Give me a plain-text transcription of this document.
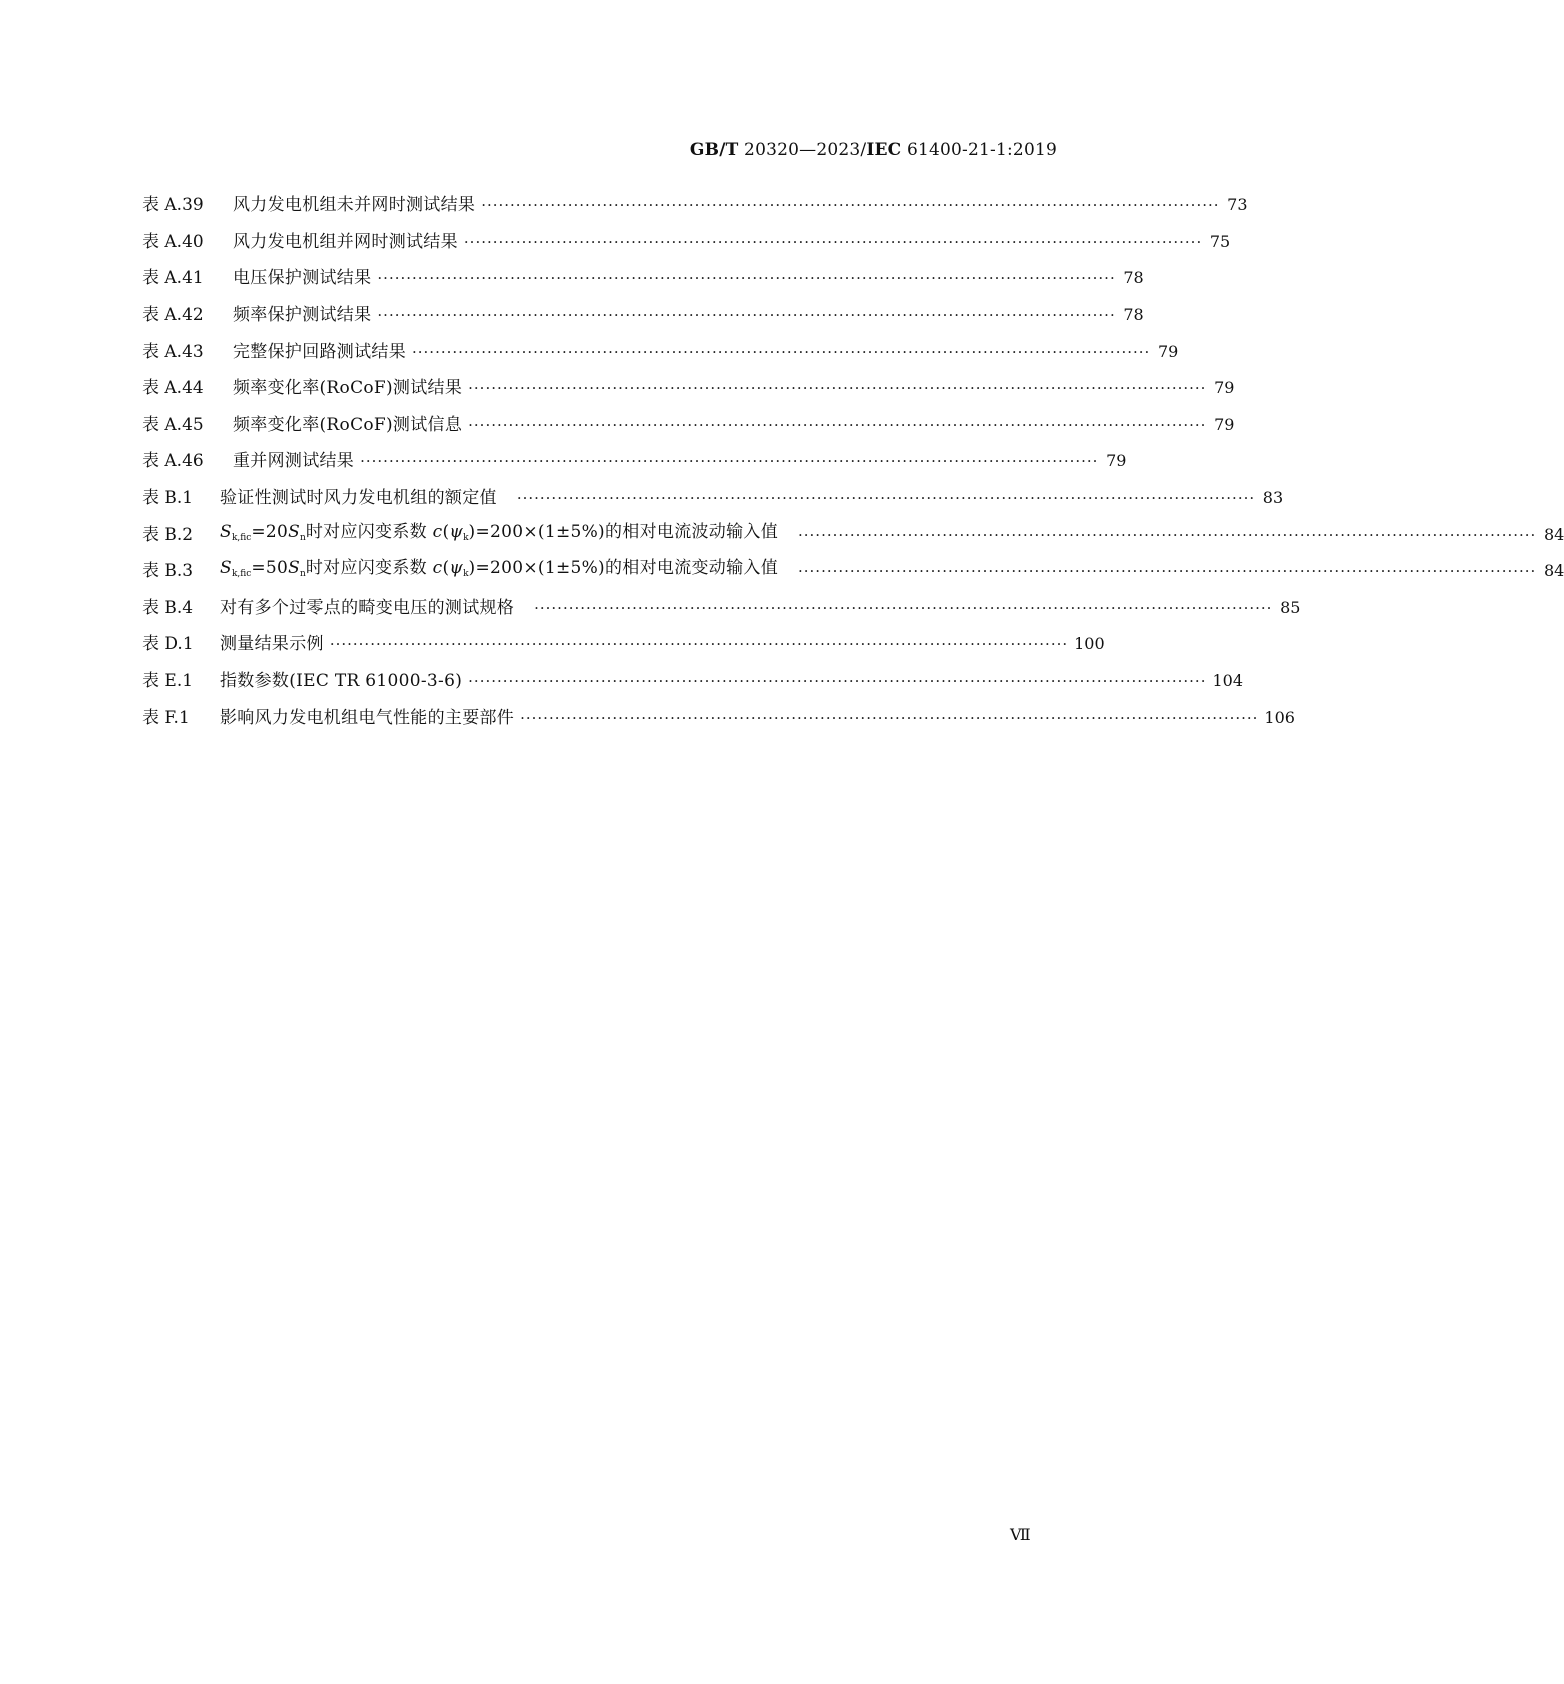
GB/T 20320—2023/IEC 61400-21-1:2019
表 A.39	风力发电机组未并网时测试结果 ································································································································ 73
表 A.40	风力发电机组并网时测试结果 ································································································································ 75
表 A.41	电压保护测试结果 ································································································································ 78
表 A.42	频率保护测试结果 ································································································································ 78
表 A.43	完整保护回路测试结果 ································································································································ 79
表 A.44	频率变化率(RoCoF)测试结果 ································································································································ 79
表 A.45	频率变化率(RoCoF)测试信息 ································································································································ 79
表 A.46	重并网测试结果 ································································································································ 79
表 B.1	验证性测试时风力发电机组的额定值 ································································································································ 83
表 B.2	$S_{k,fic}=20S_n$时对应闪变系数 $c(\psi_k)=200\times(1\pm 5\%)$的相对电流波动输入值 ································································································································ 84
表 B.3	$S_{k,fic}=50S_n$时对应闪变系数 $c(\psi_k)=200\times(1\pm 5\%)$的相对电流变动输入值 ································································································································ 84
表 B.4	对有多个过零点的畸变电压的测试规格 ································································································································ 85
表 D.1	测量结果示例 ································································································································ 100
表 E.1	指数参数(IEC TR 61000-3-6) ································································································································ 104
表 F.1	影响风力发电机组电气性能的主要部件 ································································································································ 106
Ⅶ
